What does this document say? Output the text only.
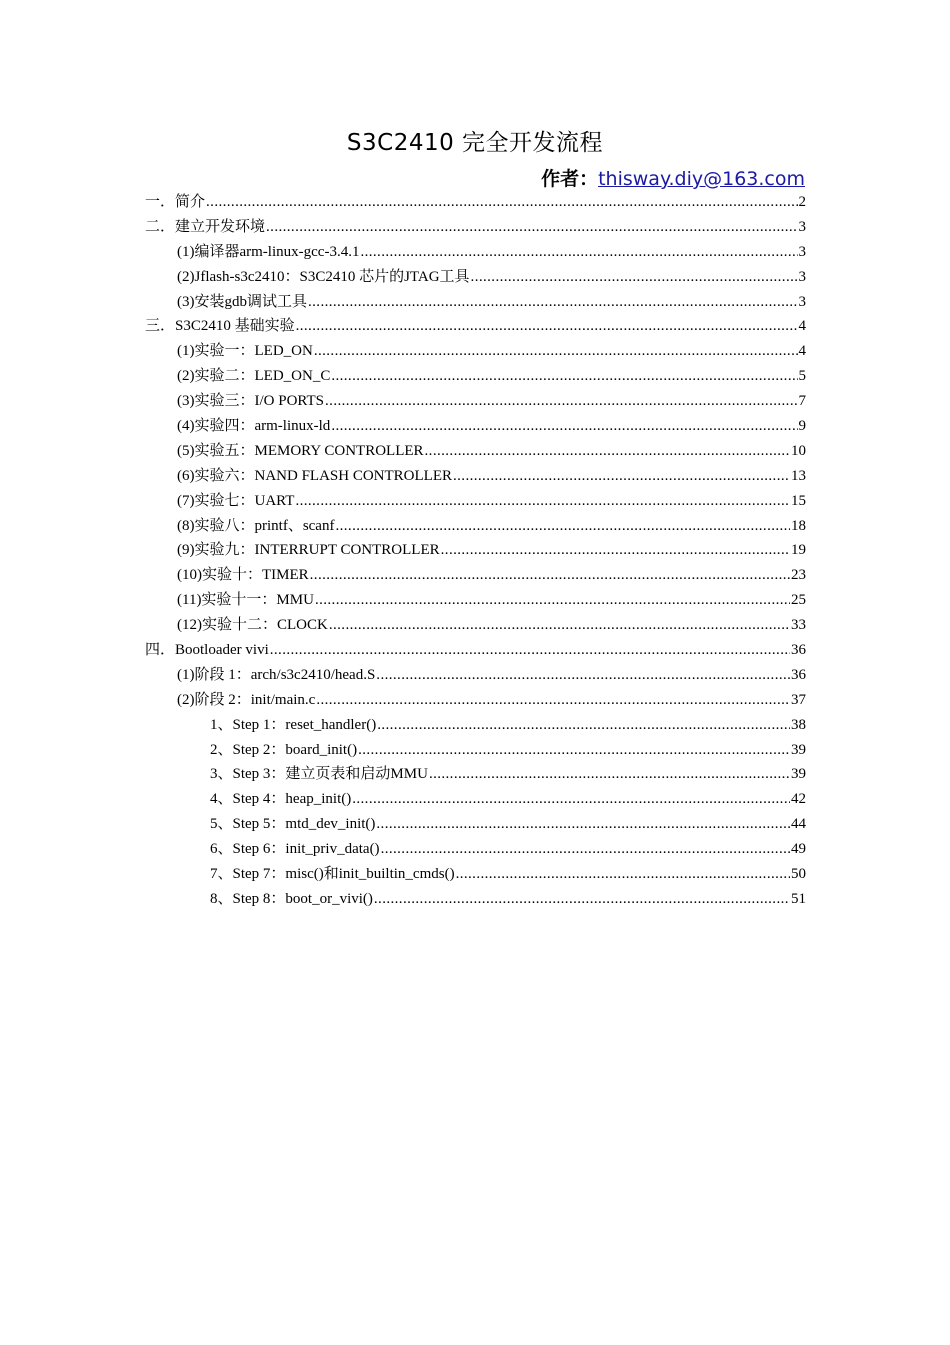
S3C2410 完全开发流程
作者：thisway.diy@163.com
一．简介 .....	2
二．建立开发环境 .....	3
(1)编译器arm-linux-gcc-3.4.1 .....	3
(2)Jflash-s3c2410：S3C2410 芯片的JTAG工具 .....	3
(3)安装gdb调试工具 .....	3
三．S3C2410 基础实验 .....	4
(1)实验一：LED_ON .....	4
(2)实验二：LED_ON_C .....	5
(3)实验三：I/O PORTS .....	7
(4)实验四：arm-linux-ld .....	9
(5)实验五：MEMORY CONTROLLER .....	10
(6)实验六：NAND FLASH CONTROLLER .....	13
(7)实验七：UART .....	15
(8)实验八：printf、scanf .....	18
(9)实验九：INTERRUPT CONTROLLER .....	19
(10)实验十：TIMER .....	23
(11)实验十一：MMU .....	25
(12)实验十二：CLOCK .....	33
四．Bootloader vivi .....	36
(1)阶段 1：arch/s3c2410/head.S .....	36
(2)阶段 2：init/main.c .....	37
1、Step 1：reset_handler() .....	38
2、Step 2：board_init() .....	39
3、Step 3：建立页表和启动MMU .....	39
4、Step 4：heap_init() .....	42
5、Step 5：mtd_dev_init() .....	44
6、Step 6：init_priv_data() .....	49
7、Step 7：misc()和init_builtin_cmds() .....	50
8、Step 8：boot_or_vivi() .....	51
